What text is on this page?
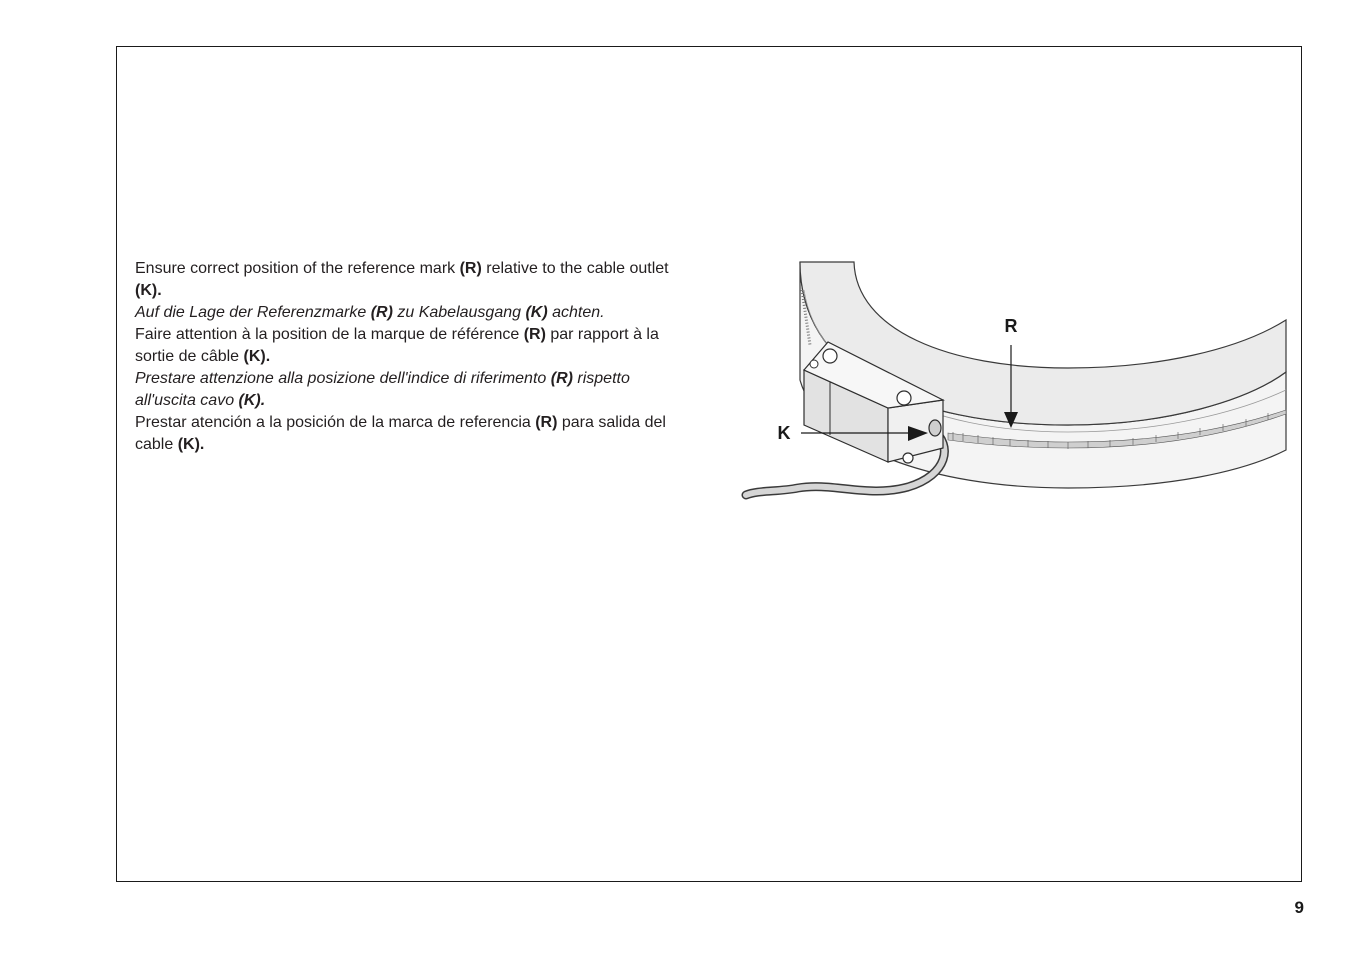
Ensure correct position of the reference mark (R) relative to the cable outlet (K).

Auf die Lage der Referenzmarke (R) zu Kabelausgang (K) achten.

Faire attention à la position de la marque de référence (R) par rapport à la sortie de câble (K).

Prestare attenzione alla posizione dell'indice di riferimento (R) rispetto all'uscita cavo (K).

Prestar atención a la posición de la marca de referencia (R) para salida del cable (K).

R
K
9
